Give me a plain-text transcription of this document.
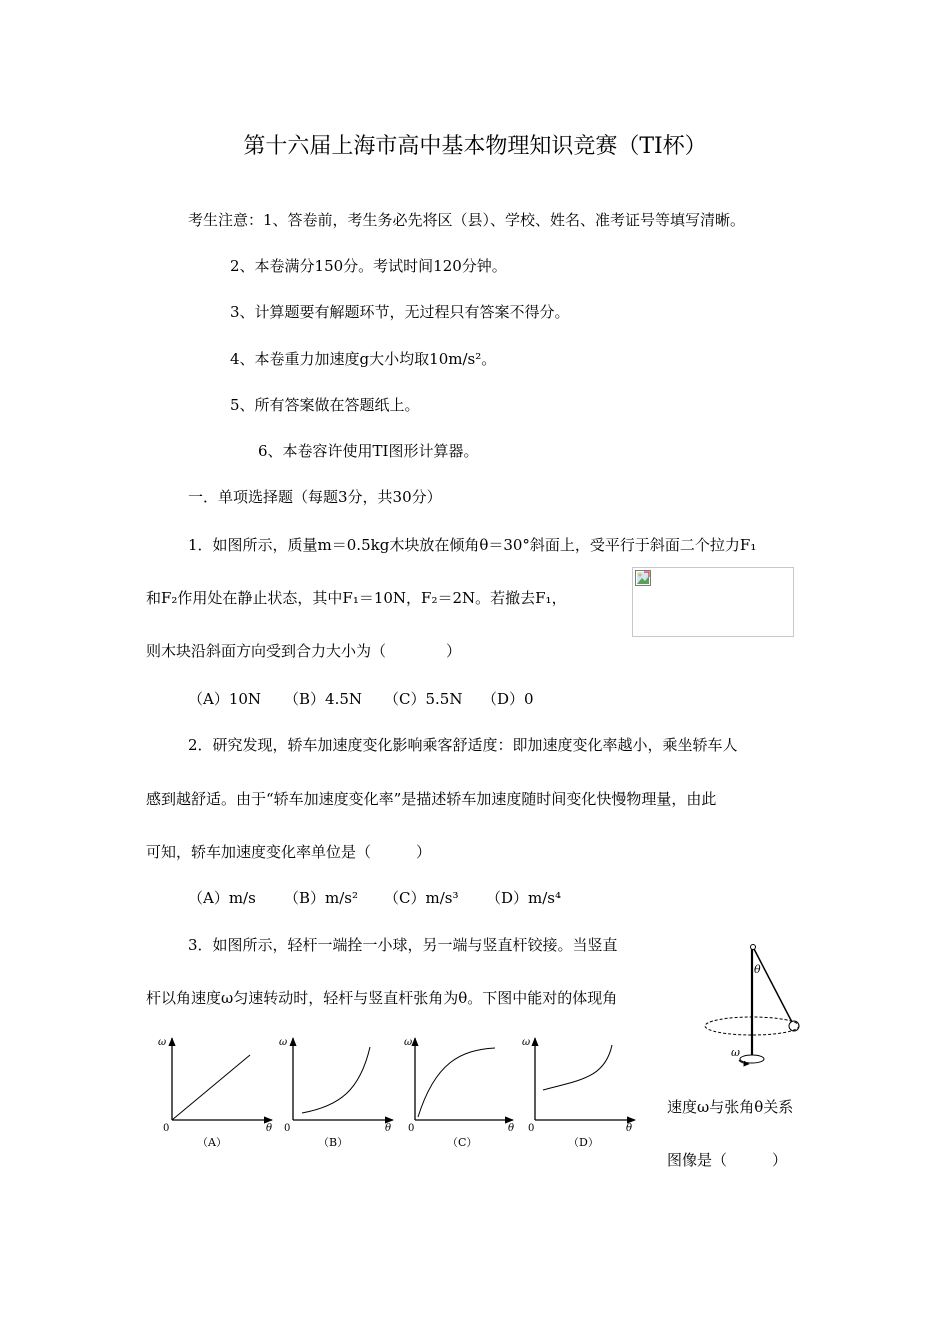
第十六届上海市高中基本物理知识竞赛（TI杯）
考生注意：1、答卷前，考生务必先将区（县）、学校、姓名、准考证号等填写清晰。
2、本卷满分150分。考试时间120分钟。
3、计算题要有解题环节，无过程只有答案不得分。
4、本卷重力加速度g大小均取10m/s²。
5、所有答案做在答题纸上。
6、本卷容许使用TI图形计算器。
一．单项选择题（每题3分，共30分）
1．如图所示，质量m＝0.5kg木块放在倾角θ＝30°斜面上，受平行于斜面二个拉力F₁
和F₂作用处在静止状态，其中F₁＝10N，F₂＝2N。若撤去F₁，
则木块沿斜面方向受到合力大小为（　　　　）
（A）10N （B）4.5N （C）5.5N （D）0
2．研究发现，轿车加速度变化影响乘客舒适度：即加速度变化率越小，乘坐轿车人
感到越舒适。由于“轿车加速度变化率”是描述轿车加速度随时间变化快慢物理量，由此
可知，轿车加速度变化率单位是（　　　）
（A）m/s （B）m/s² （C）m/s³ （D）m/s⁴
3．如图所示，轻杆一端拴一小球，另一端与竖直杆铰接。当竖直
杆以角速度ω匀速转动时，轻杆与竖直杆张角为θ。下图中能对的体现角
速度ω与张角θ关系
图像是（　　　）
θ
ω
ω
0	θ
ω
0	θ
ω
0	θ
ω
0	θ
（A）	（B）	（C）	（D）
